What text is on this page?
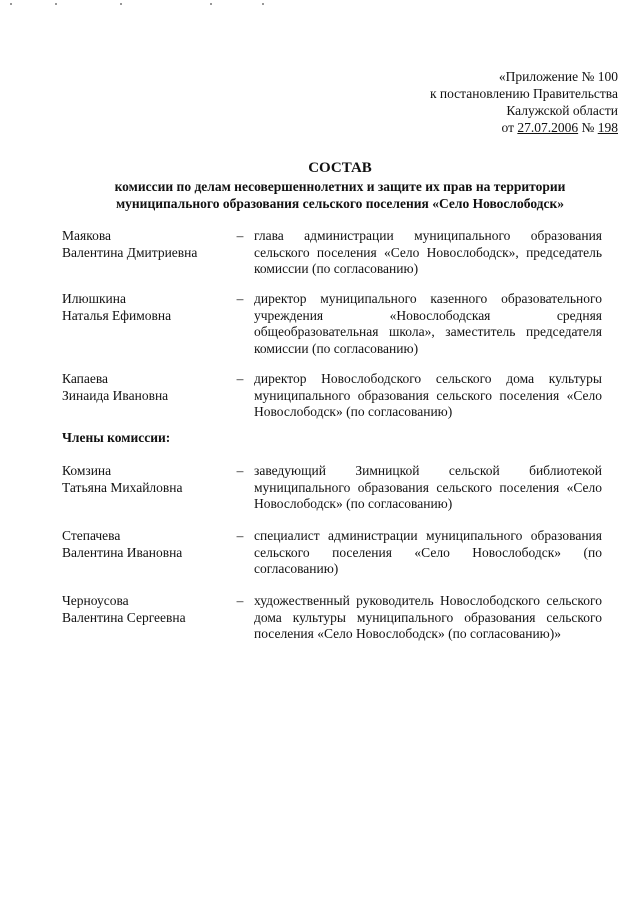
«Приложение № 100
к постановлению Правительства
Калужской области
от 27.07.2006 № 198
СОСТАВ
комиссии по делам несовершеннолетних и защите их прав на территории
муниципального образования сельского поселения «Село Новослободск»
Маякова
Валентина Дмитриевна
– глава администрации муниципального образования сельского поселения «Село Новослободск», председатель комиссии (по согласованию)
Илюшкина
Наталья Ефимовна
– директор муниципального казенного образовательного учреждения «Новослободская средняя общеобразовательная школа», заместитель председателя комиссии (по согласованию)
Капаева
Зинаида Ивановна
– директор Новослободского сельского дома культуры муниципального образования сельского поселения «Село Новослободск» (по согласованию)
Члены комиссии:
Комзина
Татьяна Михайловна
– заведующий Зимницкой сельской библиотекой муниципального образования сельского поселения «Село Новослободск» (по согласованию)
Степачева
Валентина Ивановна
– специалист администрации муниципального образования сельского поселения «Село Новослободск» (по согласованию)
Черноусова
Валентина Сергеевна
– художественный руководитель Новослободского сельского дома культуры муниципального образования сельского поселения «Село Новослободск» (по согласованию)»
